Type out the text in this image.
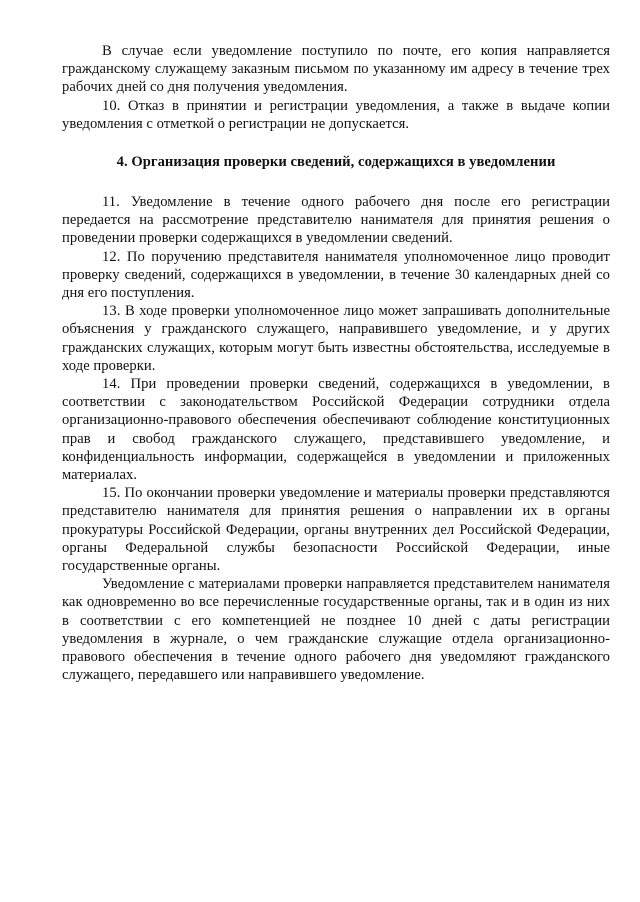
В случае если уведомление поступило по почте, его копия направляется гражданскому служащему заказным письмом по указанному им адресу в течение трех рабочих дней со дня получения уведомления.

10. Отказ в принятии и регистрации уведомления, а также в выдаче копии уведомления с отметкой о регистрации не допускается.

4. Организация проверки сведений, содержащихся в уведомлении

11. Уведомление в течение одного рабочего дня после его регистрации передается на рассмотрение представителю нанимателя для принятия решения о проведении проверки содержащихся в уведомлении сведений.

12. По поручению представителя нанимателя уполномоченное лицо проводит проверку сведений, содержащихся в уведомлении, в течение 30 календарных дней со дня его поступления.

13. В ходе проверки уполномоченное лицо может запрашивать дополнительные объяснения у гражданского служащего, направившего уведомление, и у других гражданских служащих, которым могут быть известны обстоятельства, исследуемые в ходе проверки.

14. При проведении проверки сведений, содержащихся в уведомлении, в соответствии с законодательством Российской Федерации сотрудники отдела организационно-правового обеспечения обеспечивают соблюдение конституционных прав и свобод гражданского служащего, представившего уведомление, и конфиденциальность информации, содержащейся в уведомлении и приложенных материалах.

15. По окончании проверки уведомление и материалы проверки представляются представителю нанимателя для принятия решения о направлении их в органы прокуратуры Российской Федерации, органы внутренних дел Российской Федерации, органы Федеральной службы безопасности Российской Федерации, иные государственные органы.

Уведомление с материалами проверки направляется представителем нанимателя как одновременно во все перечисленные государственные органы, так и в один из них в соответствии с его компетенцией не позднее 10 дней с даты регистрации уведомления в журнале, о чем гражданские служащие отдела организационно-правового обеспечения в течение одного рабочего дня уведомляют гражданского служащего, передавшего или направившего уведомление.
